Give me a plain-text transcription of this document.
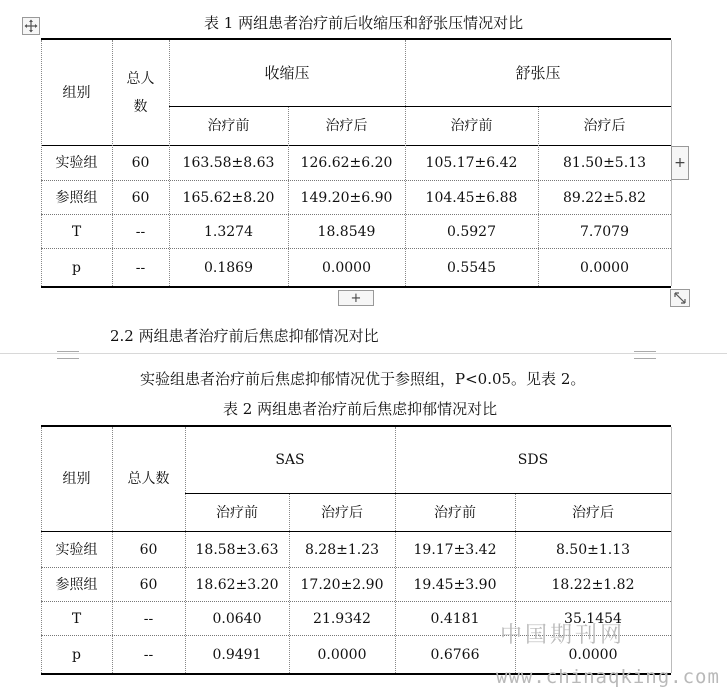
表 1 两组患者治疗前后收缩压和舒张压情况对比
组别
总人
数
收缩压	舒张压
治疗前	治疗后	治疗前	治疗后
实验组	60	163.58±8.63	126.62±6.20	105.17±6.42	81.50±5.13
参照组	60	165.62±8.20	149.20±6.90	104.45±6.88	89.22±5.82
T	--	1.3274	18.8549	0.5927	7.7079
p	--	0.1869	0.0000	0.5545	0.0000
+
+
2.2 两组患者治疗前后焦虑抑郁情况对比
实验组患者治疗前后焦虑抑郁情况优于参照组，P<0.05。见表 2。
表 2 两组患者治疗前后焦虑抑郁情况对比
组别	总人数
SAS	SDS
治疗前	治疗后	治疗前	治疗后
实验组	60	18.58±3.63	8.28±1.23	19.17±3.42	8.50±1.13
参照组	60	18.62±3.20	17.20±2.90	19.45±3.90	18.22±1.82
T	--	0.0640	21.9342	0.4181	35.1454
p	--	0.9491	0.0000	0.6766	0.0000
中国期刊网
www.chinaqking.com
